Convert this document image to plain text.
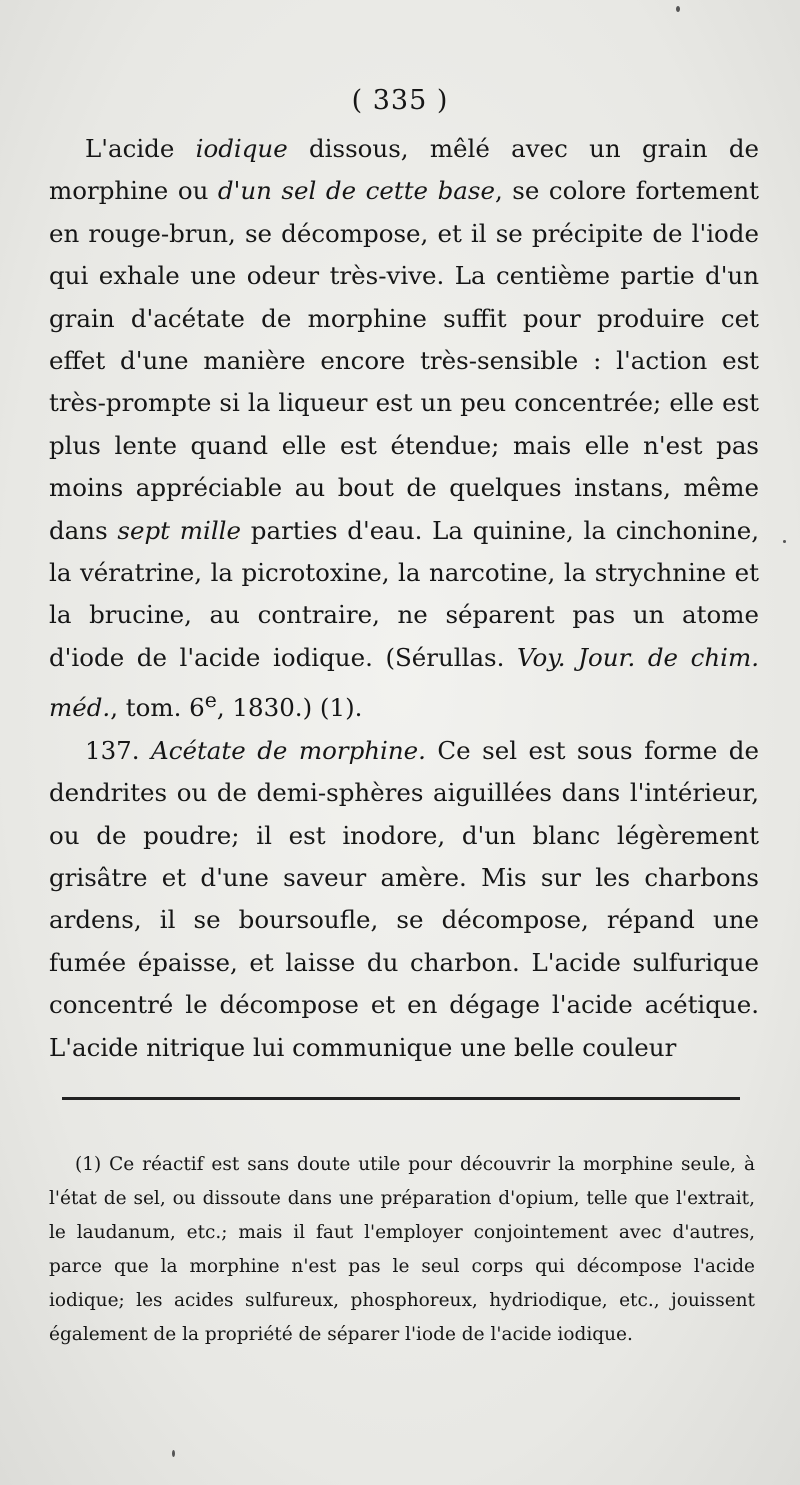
( 335 )

L'acide iodique dissous, mêlé avec un grain de morphine ou d'un sel de cette base, se colore fortement en rouge-brun, se décompose, et il se précipite de l'iode qui exhale une odeur très-vive. La centième partie d'un grain d'acétate de morphine suffit pour produire cet effet d'une manière encore très-sensible : l'action est très-prompte si la liqueur est un peu concentrée; elle est plus lente quand elle est étendue; mais elle n'est pas moins appréciable au bout de quelques instans, même dans sept mille parties d'eau. La quinine, la cinchonine, la vératrine, la picrotoxine, la narcotine, la strychnine et la brucine, au contraire, ne séparent pas un atome d'iode de l'acide iodique. (Sérullas. Voy. Jour. de chim. méd., tom. 6e, 1830.) (1).

137. Acétate de morphine. Ce sel est sous forme de dendrites ou de demi-sphères aiguillées dans l'intérieur, ou de poudre; il est inodore, d'un blanc légèrement grisâtre et d'une saveur amère. Mis sur les charbons ardens, il se boursoufle, se décompose, répand une fumée épaisse, et laisse du charbon. L'acide sulfurique concentré le décompose et en dégage l'acide acétique. L'acide nitrique lui communique une belle couleur

(1) Ce réactif est sans doute utile pour découvrir la morphine seule, à l'état de sel, ou dissoute dans une préparation d'opium, telle que l'extrait, le laudanum, etc.; mais il faut l'employer conjointement avec d'autres, parce que la morphine n'est pas le seul corps qui décompose l'acide iodique; les acides sulfureux, phosphoreux, hydriodique, etc., jouissent également de la propriété de séparer l'iode de l'acide iodique.
